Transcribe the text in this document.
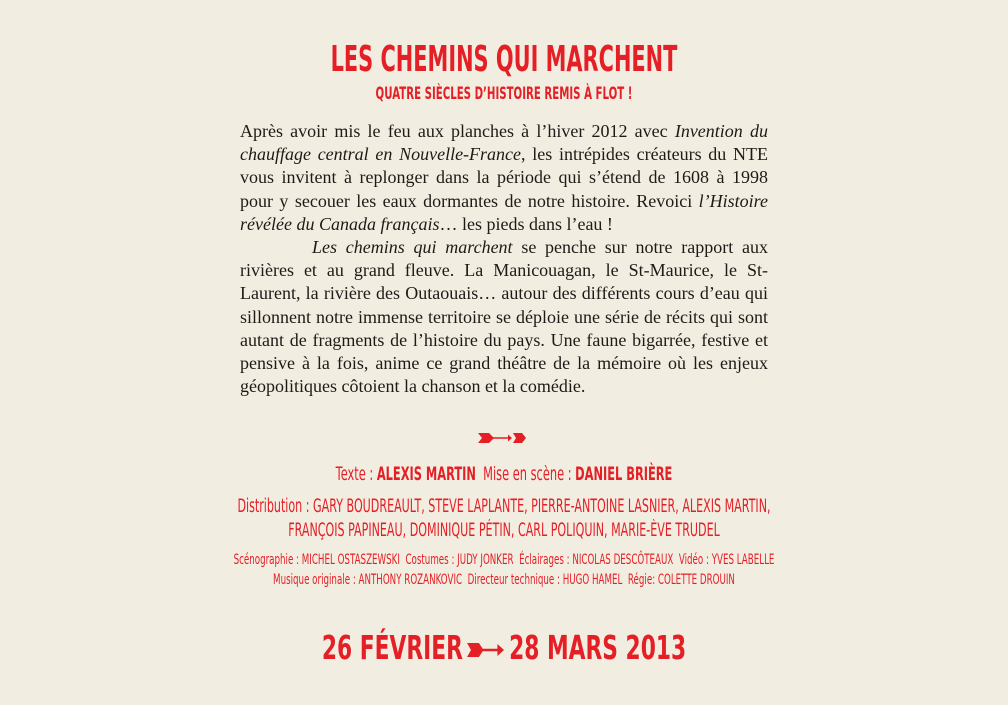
LES CHEMINS QUI MARCHENT
QUATRE SIÈCLES D’HISTOIRE REMIS À FLOT !

Après avoir mis le feu aux planches à l’hiver 2012 avec Invention du chauffage central en Nouvelle-France, les intrépides créateurs du NTE vous invitent à replonger dans la période qui s’étend de 1608 à 1998 pour y secouer les eaux dormantes de notre histoire. Revoici l’Histoire révélée du Canada français… les pieds dans l’eau !

Les chemins qui marchent se penche sur notre rapport aux rivières et au grand fleuve. La Manicouagan, le St-Maurice, le St-Laurent, la rivière des Outaouais… autour des différents cours d’eau qui sillonnent notre immense territoire se déploie une série de récits qui sont autant de fragments de l’histoire du pays. Une faune bigarrée, festive et pensive à la fois, anime ce grand théâtre de la mémoire où les enjeux géopolitiques côtoient la chanson et la comédie.

Texte : ALEXIS MARTIN Mise en scène : DANIEL BRIÈRE
Distribution : GARY BOUDREAULT, STEVE LAPLANTE, PIERRE-ANTOINE LASNIER, ALEXIS MARTIN,
FRANÇOIS PAPINEAU, DOMINIQUE PÉTIN, CARL POLIQUIN, MARIE-ÈVE TRUDEL
Scénographie : MICHEL OSTASZEWSKI Costumes : JUDY JONKER Éclairages : NICOLAS DESCÔTEAUX Vidéo : YVES LABELLE
Musique originale : ANTHONY ROZANKOVIC Directeur technique : HUGO HAMEL Régie: COLETTE DROUIN
26 FÉVRIER 28 MARS 2013
